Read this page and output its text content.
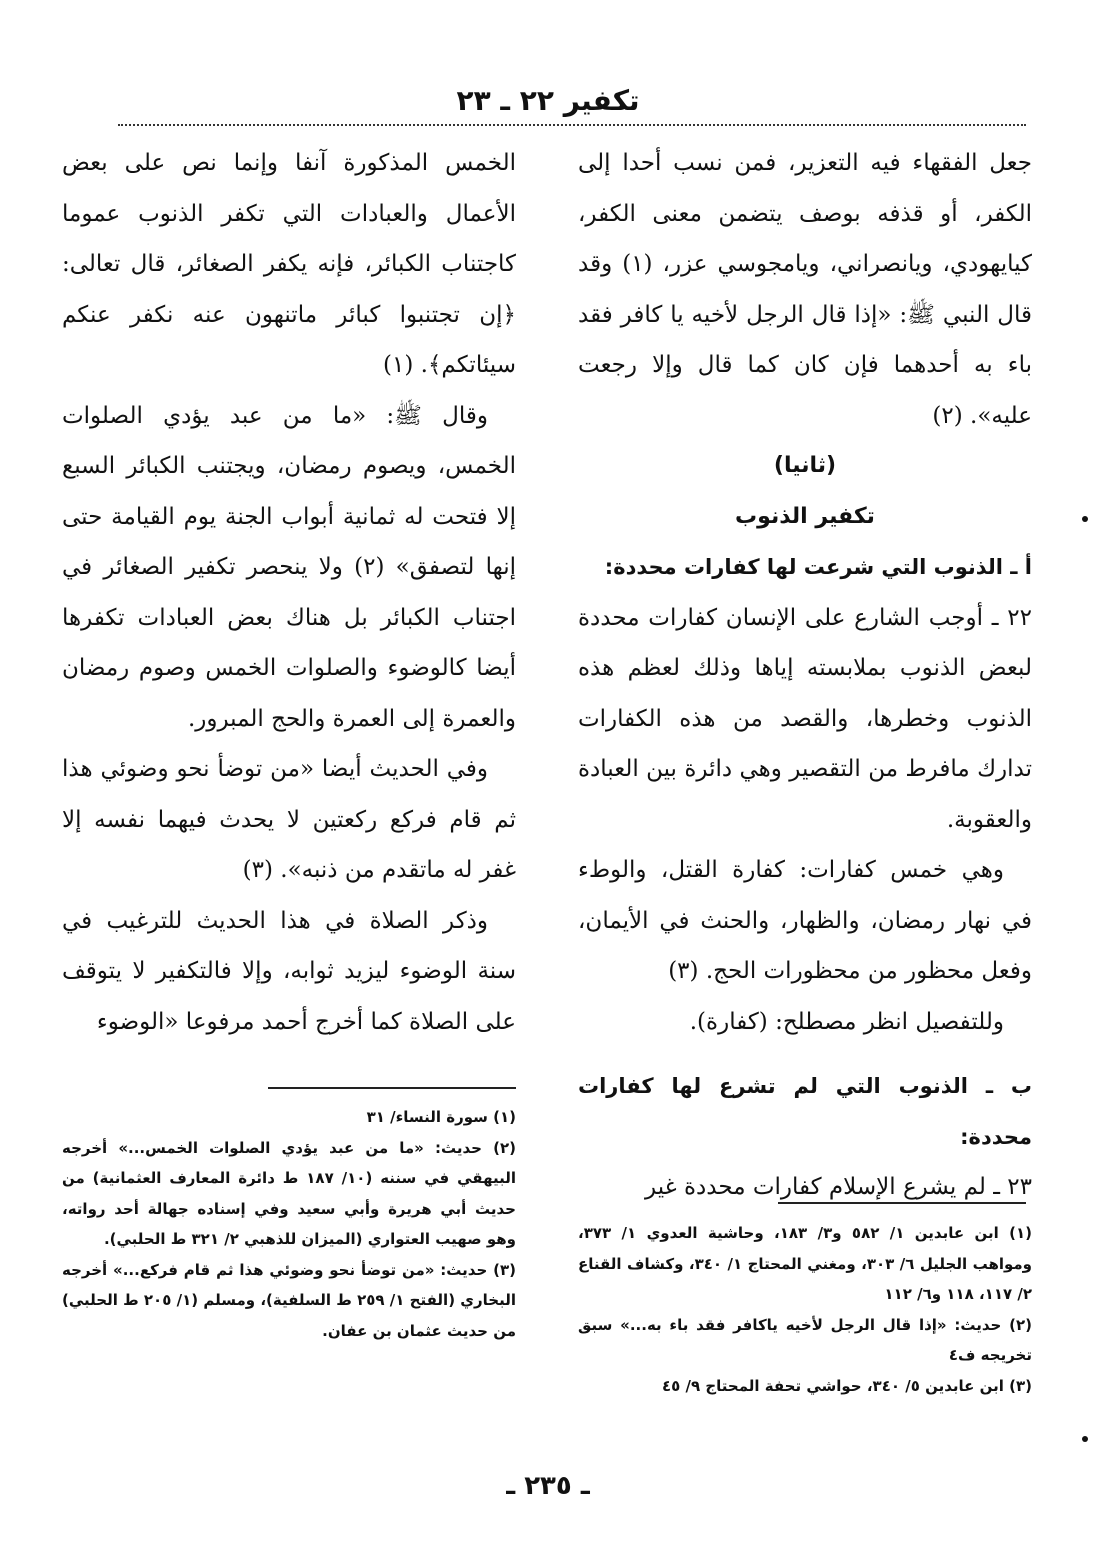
تكفير ٢٢ ـ ٢٣

جعل الفقهاء فيه التعزير، فمن نسب أحدا إلى الكفر، أو قذفه بوصف يتضمن معنى الكفر، كيايهودي، ويانصراني، ويامجوسي عزر، (١) وقد قال النبي ﷺ: «إذا قال الرجل لأخيه يا كافر فقد باء به أحدهما فإن كان كما قال وإلا رجعت عليه». (٢)

(ثانيا)

تكفير الذنوب

أ ـ الذنوب التي شرعت لها كفارات محددة:

٢٢ ـ أوجب الشارع على الإنسان كفارات محددة لبعض الذنوب بملابسته إياها وذلك لعظم هذه الذنوب وخطرها، والقصد من هذه الكفارات تدارك مافرط من التقصير وهي دائرة بين العبادة والعقوبة.

وهي خمس كفارات: كفارة القتل، والوطء في نهار رمضان، والظهار، والحنث في الأيمان، وفعل محظور من محظورات الحج. (٣)

وللتفصيل انظر مصطلح: (كفارة).

ب ـ الذنوب التي لم تشرع لها كفارات محددة:

٢٣ ـ لم يشرع الإسلام كفارات محددة غير

الخمس المذكورة آنفا وإنما نص على بعض الأعمال والعبادات التي تكفر الذنوب عموما كاجتناب الكبائر، فإنه يكفر الصغائر، قال تعالى: ﴿إن تجتنبوا كبائر ماتنهون عنه نكفر عنكم سيئاتكم﴾. (١)

وقال ﷺ: «ما من عبد يؤدي الصلوات الخمس، ويصوم رمضان، ويجتنب الكبائر السبع إلا فتحت له ثمانية أبواب الجنة يوم القيامة حتى إنها لتصفق» (٢) ولا ينحصر تكفير الصغائر في اجتناب الكبائر بل هناك بعض العبادات تكفرها أيضا كالوضوء والصلوات الخمس وصوم رمضان والعمرة إلى العمرة والحج المبرور.

وفي الحديث أيضا «من توضأ نحو وضوئي هذا ثم قام فركع ركعتين لا يحدث فيهما نفسه إلا غفر له ماتقدم من ذنبه». (٣)

وذكر الصلاة في هذا الحديث للترغيب في سنة الوضوء ليزيد ثوابه، وإلا فالتكفير لا يتوقف على الصلاة كما أخرج أحمد مرفوعا «الوضوء

(١) ابن عابدين ١/ ٥٨٢ و٣/ ١٨٣، وحاشية العدوي ١/ ٣٧٣، ومواهب الجليل ٦/ ٣٠٣، ومغني المحتاج ١/ ٣٤٠، وكشاف القناع ٢/ ١١٧، ١١٨ و٦/ ١١٢

(٢) حديث: «إذا قال الرجل لأخيه ياكافر فقد باء به...» سبق تخريجه ف٤

(٣) ابن عابدين ٥/ ٣٤٠، حواشي تحفة المحتاج ٩/ ٤٥

(١) سورة النساء/ ٣١

(٢) حديث: «ما من عبد يؤدي الصلوات الخمس...» أخرجه البيهقي في سننه (١٠/ ١٨٧ ط دائرة المعارف العثمانية) من حديث أبي هريرة وأبي سعيد وفي إسناده جهالة أحد رواته، وهو صهيب العتواري (الميزان للذهبي ٢/ ٣٢١ ط الحلبي).

(٣) حديث: «من توضأ نحو وضوئي هذا ثم قام فركع...» أخرجه البخاري (الفتح ١/ ٢٥٩ ط السلفية)، ومسلم (١/ ٢٠٥ ط الحلبي) من حديث عثمان بن عفان.

ـ ٢٣٥ ـ
